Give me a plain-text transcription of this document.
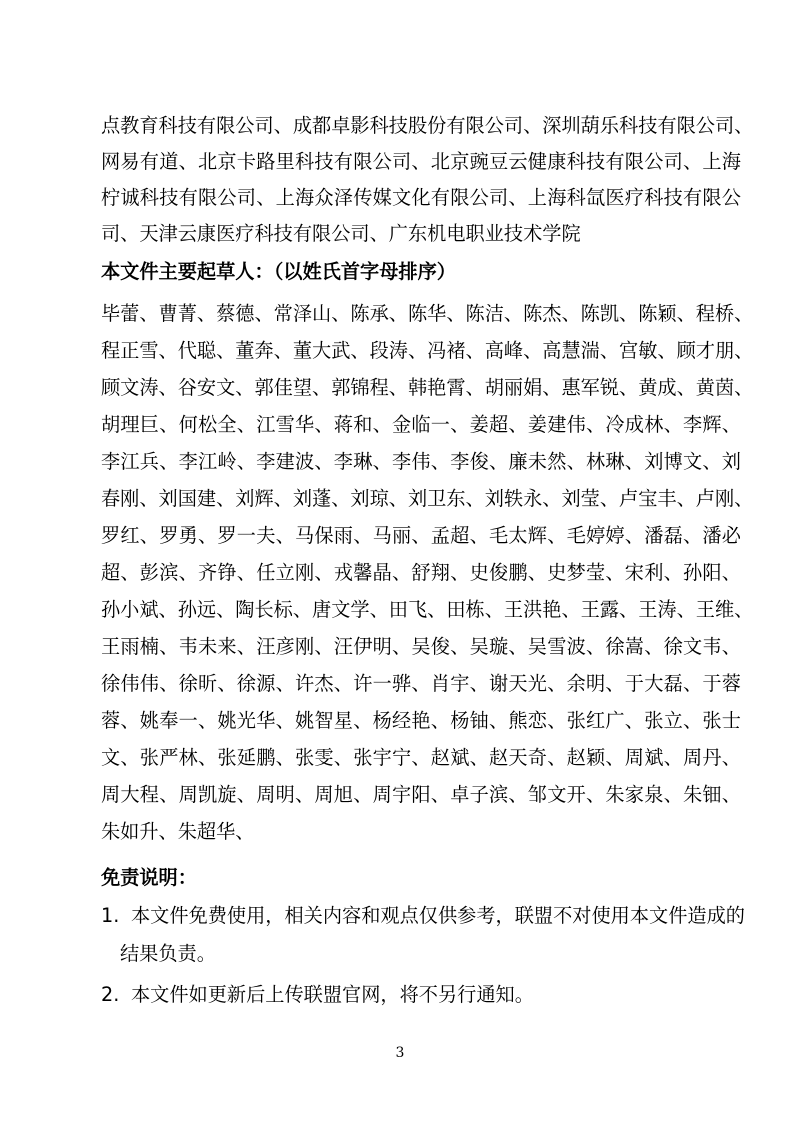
点教育科技有限公司、成都卓影科技股份有限公司、深圳葫乐科技有限公司、
网易有道、北京卡路里科技有限公司、北京豌豆云健康科技有限公司、上海
柠诚科技有限公司、上海众泽传媒文化有限公司、上海科氙医疗科技有限公
司、天津云康医疗科技有限公司、广东机电职业技术学院
本文件主要起草人：（以姓氏首字母排序）
毕蕾、曹菁、蔡德、常泽山、陈承、陈华、陈洁、陈杰、陈凯、陈颖、程桥、
程正雪、代聪、董奔、董大武、段涛、冯褚、高峰、高慧湍、宫敏、顾才朋、
顾文涛、谷安文、郭佳望、郭锦程、韩艳霄、胡丽娟、惠军锐、黄成、黄茵、
胡理巨、何松全、江雪华、蒋和、金临一、姜超、姜建伟、冷成林、李辉、
李江兵、李江岭、李建波、李琳、李伟、李俊、廉未然、林琳、刘博文、刘
春刚、刘国建、刘辉、刘蓬、刘琼、刘卫东、刘轶永、刘莹、卢宝丰、卢刚、
罗红、罗勇、罗一夫、马保雨、马丽、孟超、毛太辉、毛婷婷、潘磊、潘必
超、彭滨、齐铮、任立刚、戎馨晶、舒翔、史俊鹏、史梦莹、宋利、孙阳、
孙小斌、孙远、陶长标、唐文学、田飞、田栋、王洪艳、王露、王涛、王维、
王雨楠、韦未来、汪彦刚、汪伊明、吴俊、吴璇、吴雪波、徐嵩、徐文韦、
徐伟伟、徐昕、徐源、许杰、许一骅、肖宇、谢天光、余明、于大磊、于蓉
蓉、姚奉一、姚光华、姚智星、杨经艳、杨铀、熊恋、张红广、张立、张士
文、张严林、张延鹏、张雯、张宇宁、赵斌、赵天奇、赵颖、周斌、周丹、
周大程、周凯旋、周明、周旭、周宇阳、卓子滨、邹文开、朱家泉、朱钿、
朱如升、朱超华、
免责说明：
1. 本文件免费使用，相关内容和观点仅供参考，联盟不对使用本文件造成的
结果负责。
2. 本文件如更新后上传联盟官网，将不另行通知。
3
